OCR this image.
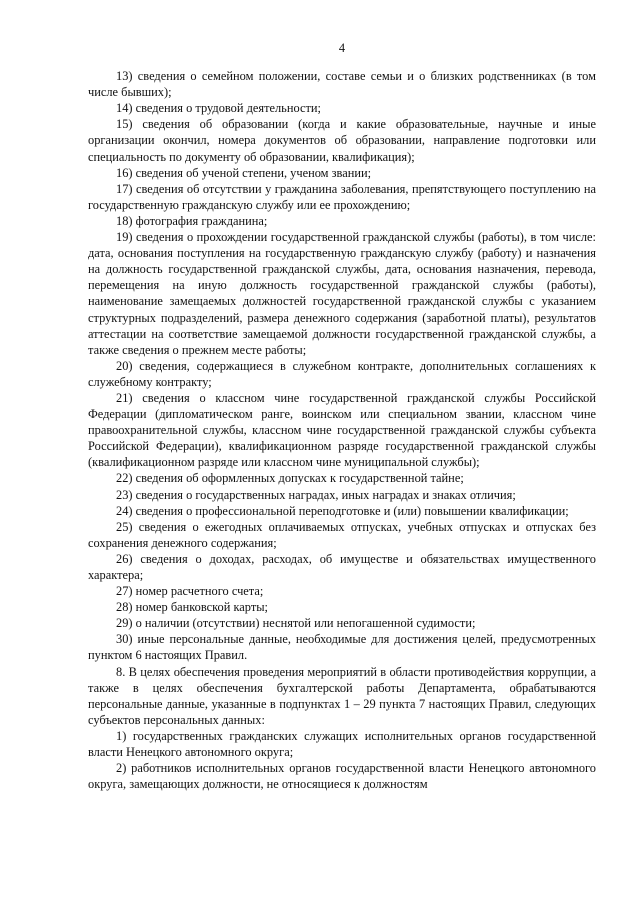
4

13) сведения о семейном положении, составе семьи и о близких родственниках (в том числе бывших);

14) сведения о трудовой деятельности;

15) сведения об образовании (когда и какие образовательные, научные и иные организации окончил, номера документов об образовании, направление подготовки или специальность по документу об образовании, квалификация);

16) сведения об ученой степени, ученом звании;

17) сведения об отсутствии у гражданина заболевания, препятствующего поступлению на государственную гражданскую службу или ее прохождению;

18) фотография гражданина;

19) сведения о прохождении государственной гражданской службы (работы), в том числе: дата, основания поступления на государственную гражданскую службу (работу) и назначения на должность государственной гражданской службы, дата, основания назначения, перевода, перемещения на иную должность государственной гражданской службы (работы), наименование замещаемых должностей государственной гражданской службы с указанием структурных подразделений, размера денежного содержания (заработной платы), результатов аттестации на соответствие замещаемой должности государственной гражданской службы, а также сведения о прежнем месте работы;

20) сведения, содержащиеся в служебном контракте, дополнительных соглашениях к служебному контракту;

21) сведения о классном чине государственной гражданской службы Российской Федерации (дипломатическом ранге, воинском или специальном звании, классном чине правоохранительной службы, классном чине государственной гражданской службы субъекта Российской Федерации), квалификационном разряде государственной гражданской службы (квалификационном разряде или классном чине муниципальной службы);

22) сведения об оформленных допусках к государственной тайне;

23) сведения о государственных наградах, иных наградах и знаках отличия;

24) сведения о профессиональной переподготовке и (или) повышении квалификации;

25) сведения о ежегодных оплачиваемых отпусках, учебных отпусках и отпусках без сохранения денежного содержания;

26) сведения о доходах, расходах, об имуществе и обязательствах имущественного характера;

27) номер расчетного счета;

28) номер банковской карты;

29) о наличии (отсутствии) неснятой или непогашенной судимости;

30) иные персональные данные, необходимые для достижения целей, предусмотренных пунктом 6 настоящих Правил.

8. В целях обеспечения проведения мероприятий в области противодействия коррупции, а также в целях обеспечения бухгалтерской работы Департамента, обрабатываются персональные данные, указанные в подпунктах 1 – 29 пункта 7 настоящих Правил, следующих субъектов персональных данных:

1) государственных гражданских служащих исполнительных органов государственной власти Ненецкого автономного округа;

2) работников исполнительных органов государственной власти Ненецкого автономного округа, замещающих должности, не относящиеся к должностям
